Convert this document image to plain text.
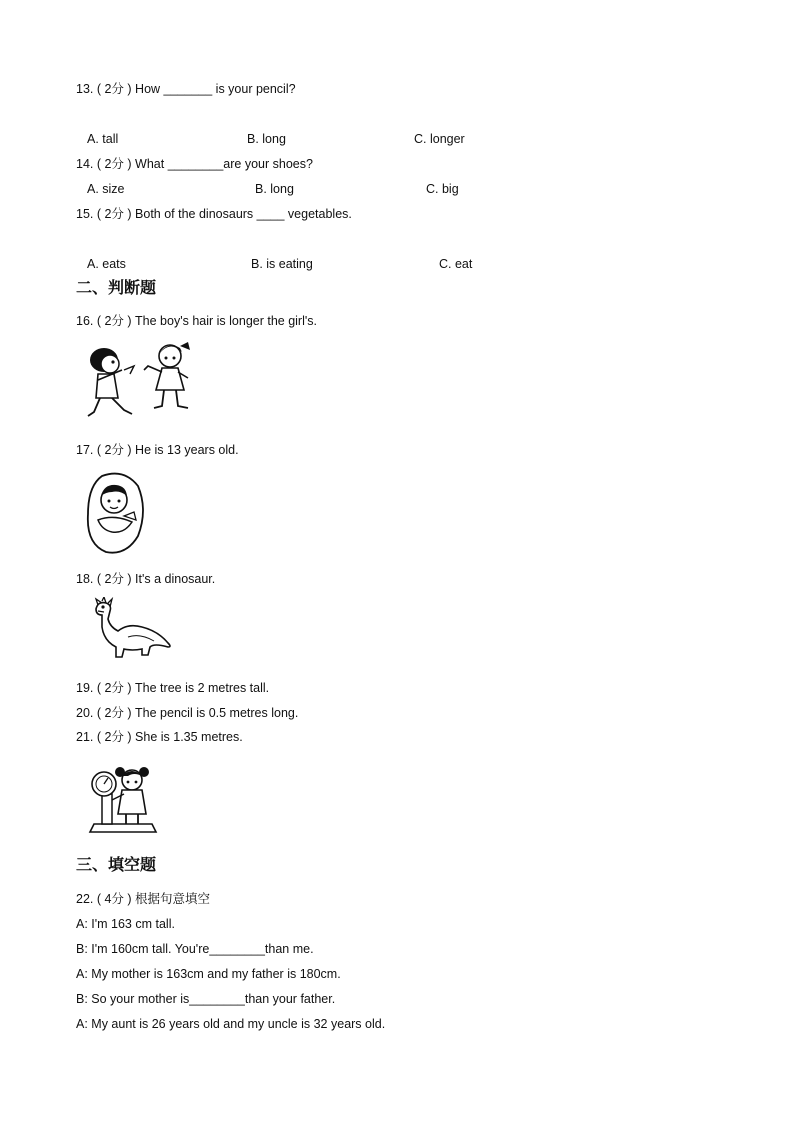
13. ( 2分 ) How _______ is your pencil?
A. tall	B. long	C. longer
14. ( 2分 ) What ________are your shoes?
A. size	B. long	C. big
15. ( 2分 ) Both of the dinosaurs ____ vegetables.
A. eats	B. is eating	C. eat
二、判断题
16. ( 2分 ) The boy's hair is longer the girl's.
17. ( 2分 ) He is 13 years old.
18. ( 2分 ) It's a dinosaur.
19. ( 2分 ) The tree is 2 metres tall.
20. ( 2分 ) The pencil is 0.5 metres long.
21. ( 2分 ) She is 1.35 metres.
三、填空题
22. ( 4分 ) 根据句意填空
A: I'm 163 cm tall.
B: I'm 160cm tall. You're________than me.
A: My mother is 163cm and my father is 180cm.
B: So your mother is________than your father.
A: My aunt is 26 years old and my uncle is 32 years old.
